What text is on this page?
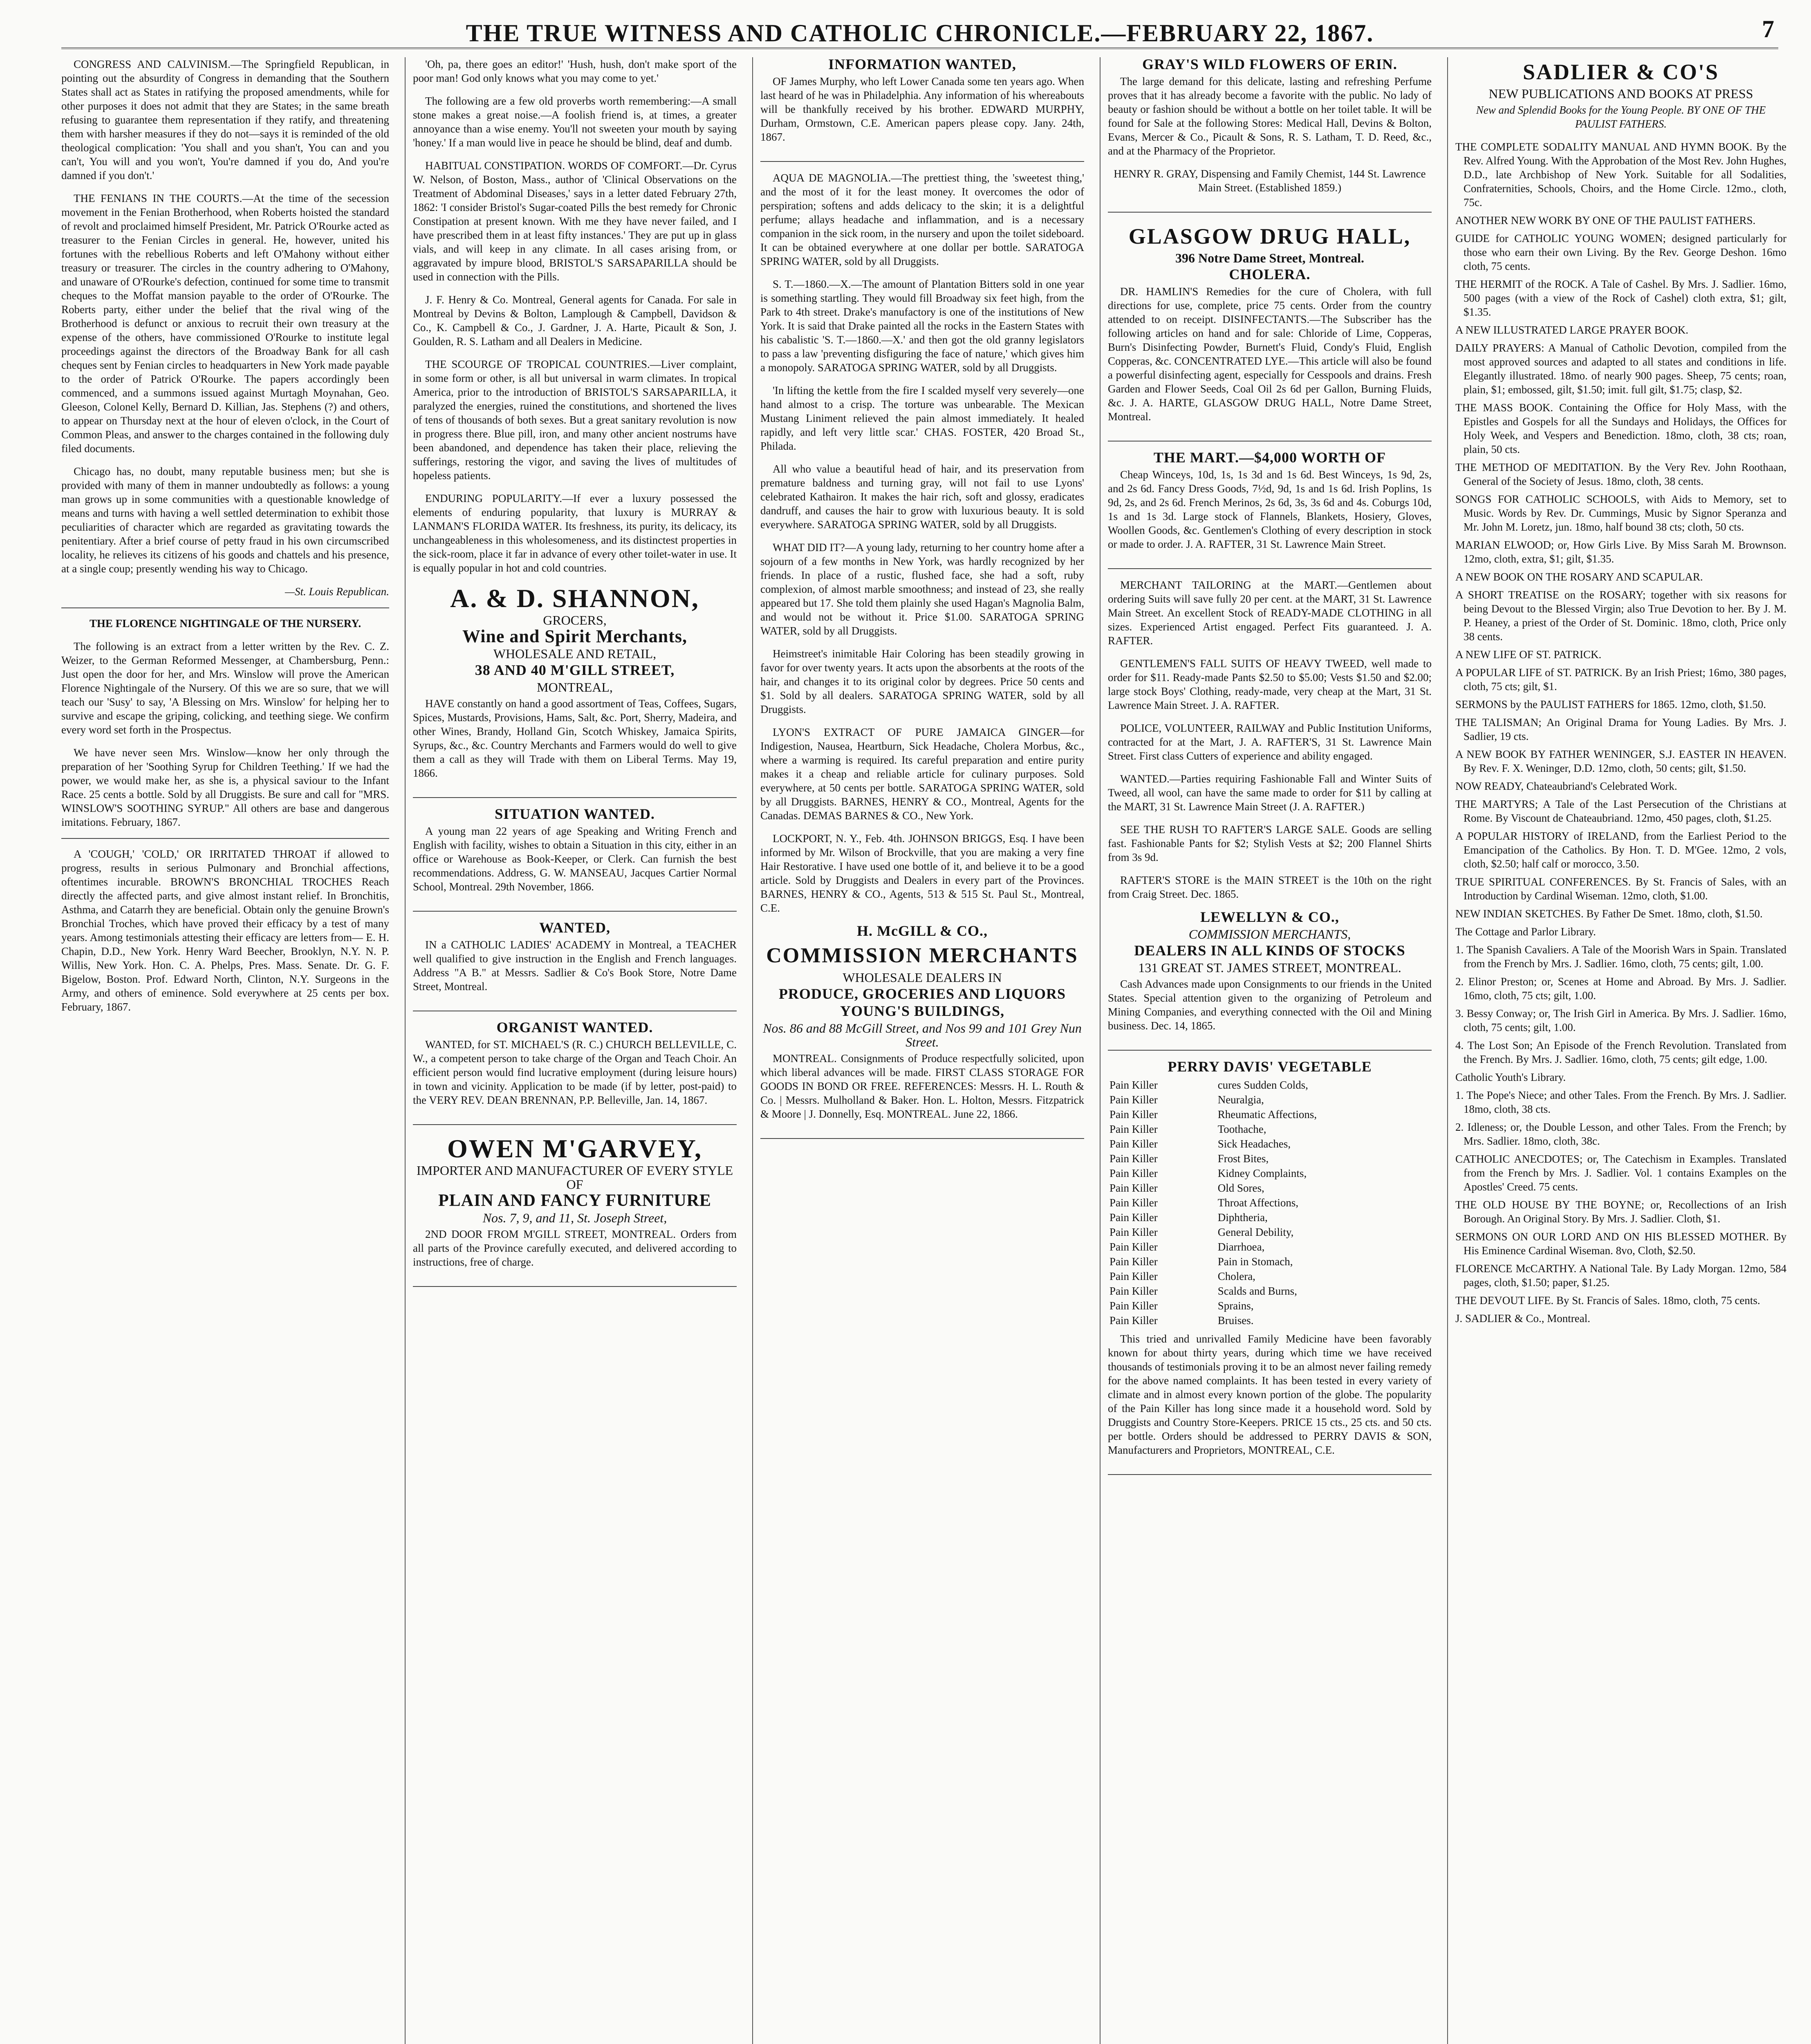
THE TRUE WITNESS AND CATHOLIC CHRONICLE.—FEBRUARY 22, 1867.	7

CONGRESS AND CALVINISM.—The Springfield Republican, in pointing out the absurdity of Congress in demanding that the Southern States shall act as States in ratifying the proposed amendments, while for other purposes it does not admit that they are States; in the same breath refusing to guarantee them representation if they ratify, and threatening them with harsher measures if they do not—says it is reminded of the old theological complication: 'You shall and you shan't, You can and you can't, You will and you won't, You're damned if you do, And you're damned if you don't.'

THE FENIANS IN THE COURTS.—At the time of the secession movement in the Fenian Brotherhood, when Roberts hoisted the standard of revolt and proclaimed himself President, Mr. Patrick O'Rourke acted as treasurer to the Fenian Circles in general. He, however, united his fortunes with the rebellious Roberts and left O'Mahony without either treasury or treasurer. The circles in the country adhering to O'Mahony, and unaware of O'Rourke's defection, continued for some time to transmit cheques to the Moffat mansion payable to the order of O'Rourke. The Roberts party, either under the belief that the rival wing of the Brotherhood is defunct or anxious to recruit their own treasury at the expense of the others, have commissioned O'Rourke to institute legal proceedings against the directors of the Broadway Bank for all cash cheques sent by Fenian circles to headquarters in New York made payable to the order of Patrick O'Rourke. The papers accordingly been commenced, and a summons issued against Murtagh Moynahan, Geo. Gleeson, Colonel Kelly, Bernard D. Killian, Jas. Stephens (?) and others, to appear on Thursday next at the hour of eleven o'clock, in the Court of Common Pleas, and answer to the charges contained in the following duly filed documents.

Chicago has, no doubt, many reputable business men; but she is provided with many of them in manner undoubtedly as follows: a young man grows up in some communities with a questionable knowledge of means and turns with having a well settled determination to exhibit those peculiarities of character which are regarded as gravitating towards the penitentiary. After a brief course of petty fraud in his own circumscribed locality, he relieves its citizens of his goods and chattels and his presence, at a single coup; presently wending his way to Chicago.

—St. Louis Republican.

THE FLORENCE NIGHTINGALE OF THE NURSERY.

The following is an extract from a letter written by the Rev. C. Z. Weizer, to the German Reformed Messenger, at Chambersburg, Penn.: Just open the door for her, and Mrs. Winslow will prove the American Florence Nightingale of the Nursery. Of this we are so sure, that we will teach our 'Susy' to say, 'A Blessing on Mrs. Winslow' for helping her to survive and escape the griping, colicking, and teething siege. We confirm every word set forth in the Prospectus.

We have never seen Mrs. Winslow—know her only through the preparation of her 'Soothing Syrup for Children Teething.' If we had the power, we would make her, as she is, a physical saviour to the Infant Race. 25 cents a bottle. Sold by all Druggists. Be sure and call for "MRS. WINSLOW'S SOOTHING SYRUP." All others are base and dangerous imitations. February, 1867.

A 'COUGH,' 'COLD,' OR IRRITATED THROAT if allowed to progress, results in serious Pulmonary and Bronchial affections, oftentimes incurable. BROWN'S BRONCHIAL TROCHES Reach directly the affected parts, and give almost instant relief. In Bronchitis, Asthma, and Catarrh they are beneficial. Obtain only the genuine Brown's Bronchial Troches, which have proved their efficacy by a test of many years. Among testimonials attesting their efficacy are letters from— E. H. Chapin, D.D., New York. Henry Ward Beecher, Brooklyn, N.Y. N. P. Willis, New York. Hon. C. A. Phelps, Pres. Mass. Senate. Dr. G. F. Bigelow, Boston. Prof. Edward North, Clinton, N.Y. Surgeons in the Army, and others of eminence. Sold everywhere at 25 cents per box. February, 1867.

'Oh, pa, there goes an editor!' 'Hush, hush, don't make sport of the poor man! God only knows what you may come to yet.'

The following are a few old proverbs worth remembering:—A small stone makes a great noise.—A foolish friend is, at times, a greater annoyance than a wise enemy. You'll not sweeten your mouth by saying 'honey.' If a man would live in peace he should be blind, deaf and dumb.

HABITUAL CONSTIPATION. WORDS OF COMFORT.—Dr. Cyrus W. Nelson, of Boston, Mass., author of 'Clinical Observations on the Treatment of Abdominal Diseases,' says in a letter dated February 27th, 1862: 'I consider Bristol's Sugar-coated Pills the best remedy for Chronic Constipation at present known. With me they have never failed, and I have prescribed them in at least fifty instances.' They are put up in glass vials, and will keep in any climate. In all cases arising from, or aggravated by impure blood, BRISTOL'S SARSAPARILLA should be used in connection with the Pills.

J. F. Henry & Co. Montreal, General agents for Canada. For sale in Montreal by Devins & Bolton, Lamplough & Campbell, Davidson & Co., K. Campbell & Co., J. Gardner, J. A. Harte, Picault & Son, J. Goulden, R. S. Latham and all Dealers in Medicine.

THE SCOURGE OF TROPICAL COUNTRIES.—Liver complaint, in some form or other, is all but universal in warm climates. In tropical America, prior to the introduction of BRISTOL'S SARSAPARILLA, it paralyzed the energies, ruined the constitutions, and shortened the lives of tens of thousands of both sexes. But a great sanitary revolution is now in progress there. Blue pill, iron, and many other ancient nostrums have been abandoned, and dependence has taken their place, relieving the sufferings, restoring the vigor, and saving the lives of multitudes of hopeless patients.

ENDURING POPULARITY.—If ever a luxury possessed the elements of enduring popularity, that luxury is MURRAY & LANMAN'S FLORIDA WATER. Its freshness, its purity, its delicacy, its unchangeableness in this wholesomeness, and its distinctest properties in the sick-room, place it far in advance of every other toilet-water in use. It is equally popular in hot and cold countries.

A. & D. SHANNON,
GROCERS,
Wine and Spirit Merchants,
WHOLESALE AND RETAIL,
38 AND 40 M'GILL STREET,
MONTREAL,

HAVE constantly on hand a good assortment of Teas, Coffees, Sugars, Spices, Mustards, Provisions, Hams, Salt, &c. Port, Sherry, Madeira, and other Wines, Brandy, Holland Gin, Scotch Whiskey, Jamaica Spirits, Syrups, &c., &c. Country Merchants and Farmers would do well to give them a call as they will Trade with them on Liberal Terms. May 19, 1866.

SITUATION WANTED.

A young man 22 years of age Speaking and Writing French and English with facility, wishes to obtain a Situation in this city, either in an office or Warehouse as Book-Keeper, or Clerk. Can furnish the best recommendations. Address, G. W. MANSEAU, Jacques Cartier Normal School, Montreal. 29th November, 1866.

WANTED,

IN a CATHOLIC LADIES' ACADEMY in Montreal, a TEACHER well qualified to give instruction in the English and French languages. Address "A B." at Messrs. Sadlier & Co's Book Store, Notre Dame Street, Montreal.

ORGANIST WANTED.

WANTED, for ST. MICHAEL'S (R. C.) CHURCH BELLEVILLE, C. W., a competent person to take charge of the Organ and Teach Choir. An efficient person would find lucrative employment (during leisure hours) in town and vicinity. Application to be made (if by letter, post-paid) to the VERY REV. DEAN BRENNAN, P.P. Belleville, Jan. 14, 1867.

OWEN M'GARVEY,
IMPORTER AND MANUFACTURER OF EVERY STYLE OF
PLAIN AND FANCY FURNITURE
Nos. 7, 9, and 11, St. Joseph Street,

2ND DOOR FROM M'GILL STREET, MONTREAL. Orders from all parts of the Province carefully executed, and delivered according to instructions, free of charge.

INFORMATION WANTED,

OF James Murphy, who left Lower Canada some ten years ago. When last heard of he was in Philadelphia. Any information of his whereabouts will be thankfully received by his brother. EDWARD MURPHY, Durham, Ormstown, C.E. American papers please copy. Jany. 24th, 1867.

AQUA DE MAGNOLIA.—The prettiest thing, the 'sweetest thing,' and the most of it for the least money. It overcomes the odor of perspiration; softens and adds delicacy to the skin; it is a delightful perfume; allays headache and inflammation, and is a necessary companion in the sick room, in the nursery and upon the toilet sideboard. It can be obtained everywhere at one dollar per bottle. SARATOGA SPRING WATER, sold by all Druggists.

S. T.—1860.—X.—The amount of Plantation Bitters sold in one year is something startling. They would fill Broadway six feet high, from the Park to 4th street. Drake's manufactory is one of the institutions of New York. It is said that Drake painted all the rocks in the Eastern States with his cabalistic 'S. T.—1860.—X.' and then got the old granny legislators to pass a law 'preventing disfiguring the face of nature,' which gives him a monopoly. SARATOGA SPRING WATER, sold by all Druggists.

'In lifting the kettle from the fire I scalded myself very severely—one hand almost to a crisp. The torture was unbearable. The Mexican Mustang Liniment relieved the pain almost immediately. It healed rapidly, and left very little scar.' CHAS. FOSTER, 420 Broad St., Philada.

All who value a beautiful head of hair, and its preservation from premature baldness and turning gray, will not fail to use Lyons' celebrated Kathairon. It makes the hair rich, soft and glossy, eradicates dandruff, and causes the hair to grow with luxurious beauty. It is sold everywhere. SARATOGA SPRING WATER, sold by all Druggists.

WHAT DID IT?—A young lady, returning to her country home after a sojourn of a few months in New York, was hardly recognized by her friends. In place of a rustic, flushed face, she had a soft, ruby complexion, of almost marble smoothness; and instead of 23, she really appeared but 17. She told them plainly she used Hagan's Magnolia Balm, and would not be without it. Price $1.00. SARATOGA SPRING WATER, sold by all Druggists.

Heimstreet's inimitable Hair Coloring has been steadily growing in favor for over twenty years. It acts upon the absorbents at the roots of the hair, and changes it to its original color by degrees. Price 50 cents and $1. Sold by all dealers. SARATOGA SPRING WATER, sold by all Druggists.

LYON'S EXTRACT OF PURE JAMAICA GINGER—for Indigestion, Nausea, Heartburn, Sick Headache, Cholera Morbus, &c., where a warming is required. Its careful preparation and entire purity makes it a cheap and reliable article for culinary purposes. Sold everywhere, at 50 cents per bottle. SARATOGA SPRING WATER, sold by all Druggists. BARNES, HENRY & CO., Montreal, Agents for the Canadas. DEMAS BARNES & CO., New York.

LOCKPORT, N. Y., Feb. 4th. JOHNSON BRIGGS, Esq. I have been informed by Mr. Wilson of Brockville, that you are making a very fine Hair Restorative. I have used one bottle of it, and believe it to be a good article. Sold by Druggists and Dealers in every part of the Provinces. BARNES, HENRY & CO., Agents, 513 & 515 St. Paul St., Montreal, C.E.

H. McGILL & CO.,
COMMISSION MERCHANTS
WHOLESALE DEALERS IN
PRODUCE, GROCERIES AND LIQUORS
YOUNG'S BUILDINGS,
Nos. 86 and 88 McGill Street, and Nos 99 and 101 Grey Nun Street.

MONTREAL. Consignments of Produce respectfully solicited, upon which liberal advances will be made. FIRST CLASS STORAGE FOR GOODS IN BOND OR FREE. REFERENCES: Messrs. H. L. Routh & Co. | Messrs. Mulholland & Baker. Hon. L. Holton, Messrs. Fitzpatrick & Moore | J. Donnelly, Esq. MONTREAL. June 22, 1866.

GRAY'S WILD FLOWERS OF ERIN.

The large demand for this delicate, lasting and refreshing Perfume proves that it has already become a favorite with the public. No lady of beauty or fashion should be without a bottle on her toilet table. It will be found for Sale at the following Stores: Medical Hall, Devins & Bolton, Evans, Mercer & Co., Picault & Sons, R. S. Latham, T. D. Reed, &c., and at the Pharmacy of the Proprietor.

HENRY R. GRAY, Dispensing and Family Chemist, 144 St. Lawrence Main Street. (Established 1859.)

GLASGOW DRUG HALL,
396 Notre Dame Street, Montreal.
CHOLERA.

DR. HAMLIN'S Remedies for the cure of Cholera, with full directions for use, complete, price 75 cents. Order from the country attended to on receipt. DISINFECTANTS.—The Subscriber has the following articles on hand and for sale: Chloride of Lime, Copperas, Burn's Disinfecting Powder, Burnett's Fluid, Condy's Fluid, English Copperas, &c. CONCENTRATED LYE.—This article will also be found a powerful disinfecting agent, especially for Cesspools and drains. Fresh Garden and Flower Seeds, Coal Oil 2s 6d per Gallon, Burning Fluids, &c. J. A. HARTE, GLASGOW DRUG HALL, Notre Dame Street, Montreal.

THE MART.—$4,000 WORTH OF

Cheap Winceys, 10d, 1s, 1s 3d and 1s 6d. Best Winceys, 1s 9d, 2s, and 2s 6d. Fancy Dress Goods, 7½d, 9d, 1s and 1s 6d. Irish Poplins, 1s 9d, 2s, and 2s 6d. French Merinos, 2s 6d, 3s, 3s 6d and 4s. Coburgs 10d, 1s and 1s 3d. Large stock of Flannels, Blankets, Hosiery, Gloves, Woollen Goods, &c. Gentlemen's Clothing of every description in stock or made to order. J. A. RAFTER, 31 St. Lawrence Main Street.

MERCHANT TAILORING at the MART.—Gentlemen about ordering Suits will save fully 20 per cent. at the MART, 31 St. Lawrence Main Street. An excellent Stock of READY-MADE CLOTHING in all sizes. Experienced Artist engaged. Perfect Fits guaranteed. J. A. RAFTER.

GENTLEMEN'S FALL SUITS OF HEAVY TWEED, well made to order for $11. Ready-made Pants $2.50 to $5.00; Vests $1.50 and $2.00; large stock Boys' Clothing, ready-made, very cheap at the Mart, 31 St. Lawrence Main Street. J. A. RAFTER.

POLICE, VOLUNTEER, RAILWAY and Public Institution Uniforms, contracted for at the Mart, J. A. RAFTER'S, 31 St. Lawrence Main Street. First class Cutters of experience and ability engaged.

WANTED.—Parties requiring Fashionable Fall and Winter Suits of Tweed, all wool, can have the same made to order for $11 by calling at the MART, 31 St. Lawrence Main Street (J. A. RAFTER.)

SEE THE RUSH TO RAFTER'S LARGE SALE. Goods are selling fast. Fashionable Pants for $2; Stylish Vests at $2; 200 Flannel Shirts from 3s 9d.

RAFTER'S STORE is the MAIN STREET is the 10th on the right from Craig Street. Dec. 1865.

LEWELLYN & CO.,
COMMISSION MERCHANTS,
DEALERS IN ALL KINDS OF STOCKS
131 GREAT ST. JAMES STREET, MONTREAL.

Cash Advances made upon Consignments to our friends in the United States. Special attention given to the organizing of Petroleum and Mining Companies, and everything connected with the Oil and Mining business. Dec. 14, 1865.

PERRY DAVIS' VEGETABLE
Pain Killer	cures Sudden Colds,
Pain Killer	Neuralgia,
Pain Killer	Rheumatic Affections,
Pain Killer	Toothache,
Pain Killer	Sick Headaches,
Pain Killer	Frost Bites,
Pain Killer	Kidney Complaints,
Pain Killer	Old Sores,
Pain Killer	Throat Affections,
Pain Killer	Diphtheria,
Pain Killer	General Debility,
Pain Killer	Diarrhoea,
Pain Killer	Pain in Stomach,
Pain Killer	Cholera,
Pain Killer	Scalds and Burns,
Pain Killer	Sprains,
Pain Killer	Bruises.

This tried and unrivalled Family Medicine have been favorably known for about thirty years, during which time we have received thousands of testimonials proving it to be an almost never failing remedy for the above named complaints. It has been tested in every variety of climate and in almost every known portion of the globe. The popularity of the Pain Killer has long since made it a household word. Sold by Druggists and Country Store-Keepers. PRICE 15 cts., 25 cts. and 50 cts. per bottle. Orders should be addressed to PERRY DAVIS & SON, Manufacturers and Proprietors, MONTREAL, C.E.

SADLIER & CO'S
NEW PUBLICATIONS AND BOOKS AT PRESS

New and Splendid Books for the Young People. BY ONE OF THE PAULIST FATHERS.

THE COMPLETE SODALITY MANUAL AND HYMN BOOK. By the Rev. Alfred Young. With the Approbation of the Most Rev. John Hughes, D.D., late Archbishop of New York. Suitable for all Sodalities, Confraternities, Schools, Choirs, and the Home Circle. 12mo., cloth, 75c.

ANOTHER NEW WORK BY ONE OF THE PAULIST FATHERS.

GUIDE for CATHOLIC YOUNG WOMEN; designed particularly for those who earn their own Living. By the Rev. George Deshon. 16mo cloth, 75 cents.

THE HERMIT of the ROCK. A Tale of Cashel. By Mrs. J. Sadlier. 16mo, 500 pages (with a view of the Rock of Cashel) cloth extra, $1; gilt, $1.35.

A NEW ILLUSTRATED LARGE PRAYER BOOK.

DAILY PRAYERS: A Manual of Catholic Devotion, compiled from the most approved sources and adapted to all states and conditions in life. Elegantly illustrated. 18mo. of nearly 900 pages. Sheep, 75 cents; roan, plain, $1; embossed, gilt, $1.50; imit. full gilt, $1.75; clasp, $2.

THE MASS BOOK. Containing the Office for Holy Mass, with the Epistles and Gospels for all the Sundays and Holidays, the Offices for Holy Week, and Vespers and Benediction. 18mo, cloth, 38 cts; roan, plain, 50 cts.

THE METHOD OF MEDITATION. By the Very Rev. John Roothaan, General of the Society of Jesus. 18mo, cloth, 38 cents.

SONGS FOR CATHOLIC SCHOOLS, with Aids to Memory, set to Music. Words by Rev. Dr. Cummings, Music by Signor Speranza and Mr. John M. Loretz, jun. 18mo, half bound 38 cts; cloth, 50 cts.

MARIAN ELWOOD; or, How Girls Live. By Miss Sarah M. Brownson. 12mo, cloth, extra, $1; gilt, $1.35.

A NEW BOOK ON THE ROSARY AND SCAPULAR.

A SHORT TREATISE on the ROSARY; together with six reasons for being Devout to the Blessed Virgin; also True Devotion to her. By J. M. P. Heaney, a priest of the Order of St. Dominic. 18mo, cloth, Price only 38 cents.

A NEW LIFE OF ST. PATRICK.

A POPULAR LIFE of ST. PATRICK. By an Irish Priest; 16mo, 380 pages, cloth, 75 cts; gilt, $1.

SERMONS by the PAULIST FATHERS for 1865. 12mo, cloth, $1.50.

THE TALISMAN; An Original Drama for Young Ladies. By Mrs. J. Sadlier, 19 cts.

A NEW BOOK BY FATHER WENINGER, S.J. EASTER IN HEAVEN. By Rev. F. X. Weninger, D.D. 12mo, cloth, 50 cents; gilt, $1.50.

NOW READY, Chateaubriand's Celebrated Work.

THE MARTYRS; A Tale of the Last Persecution of the Christians at Rome. By Viscount de Chateaubriand. 12mo, 450 pages, cloth, $1.25.

A POPULAR HISTORY of IRELAND, from the Earliest Period to the Emancipation of the Catholics. By Hon. T. D. M'Gee. 12mo, 2 vols, cloth, $2.50; half calf or morocco, 3.50.

TRUE SPIRITUAL CONFERENCES. By St. Francis of Sales, with an Introduction by Cardinal Wiseman. 12mo, cloth, $1.00.

NEW INDIAN SKETCHES. By Father De Smet. 18mo, cloth, $1.50.

The Cottage and Parlor Library.

1. The Spanish Cavaliers. A Tale of the Moorish Wars in Spain. Translated from the French by Mrs. J. Sadlier. 16mo, cloth, 75 cents; gilt, 1.00.

2. Elinor Preston; or, Scenes at Home and Abroad. By Mrs. J. Sadlier. 16mo, cloth, 75 cts; gilt, 1.00.

3. Bessy Conway; or, The Irish Girl in America. By Mrs. J. Sadlier. 16mo, cloth, 75 cents; gilt, 1.00.

4. The Lost Son; An Episode of the French Revolution. Translated from the French. By Mrs. J. Sadlier. 16mo, cloth, 75 cents; gilt edge, 1.00.

Catholic Youth's Library.

1. The Pope's Niece; and other Tales. From the French. By Mrs. J. Sadlier. 18mo, cloth, 38 cts.

2. Idleness; or, the Double Lesson, and other Tales. From the French; by Mrs. Sadlier. 18mo, cloth, 38c.

CATHOLIC ANECDOTES; or, The Catechism in Examples. Translated from the French by Mrs. J. Sadlier. Vol. 1 contains Examples on the Apostles' Creed. 75 cents.

THE OLD HOUSE BY THE BOYNE; or, Recollections of an Irish Borough. An Original Story. By Mrs. J. Sadlier. Cloth, $1.

SERMONS ON OUR LORD AND ON HIS BLESSED MOTHER. By His Eminence Cardinal Wiseman. 8vo, Cloth, $2.50.

FLORENCE McCARTHY. A National Tale. By Lady Morgan. 12mo, 584 pages, cloth, $1.50; paper, $1.25.

THE DEVOUT LIFE. By St. Francis of Sales. 18mo, cloth, 75 cents.

J. SADLIER & Co., Montreal.
